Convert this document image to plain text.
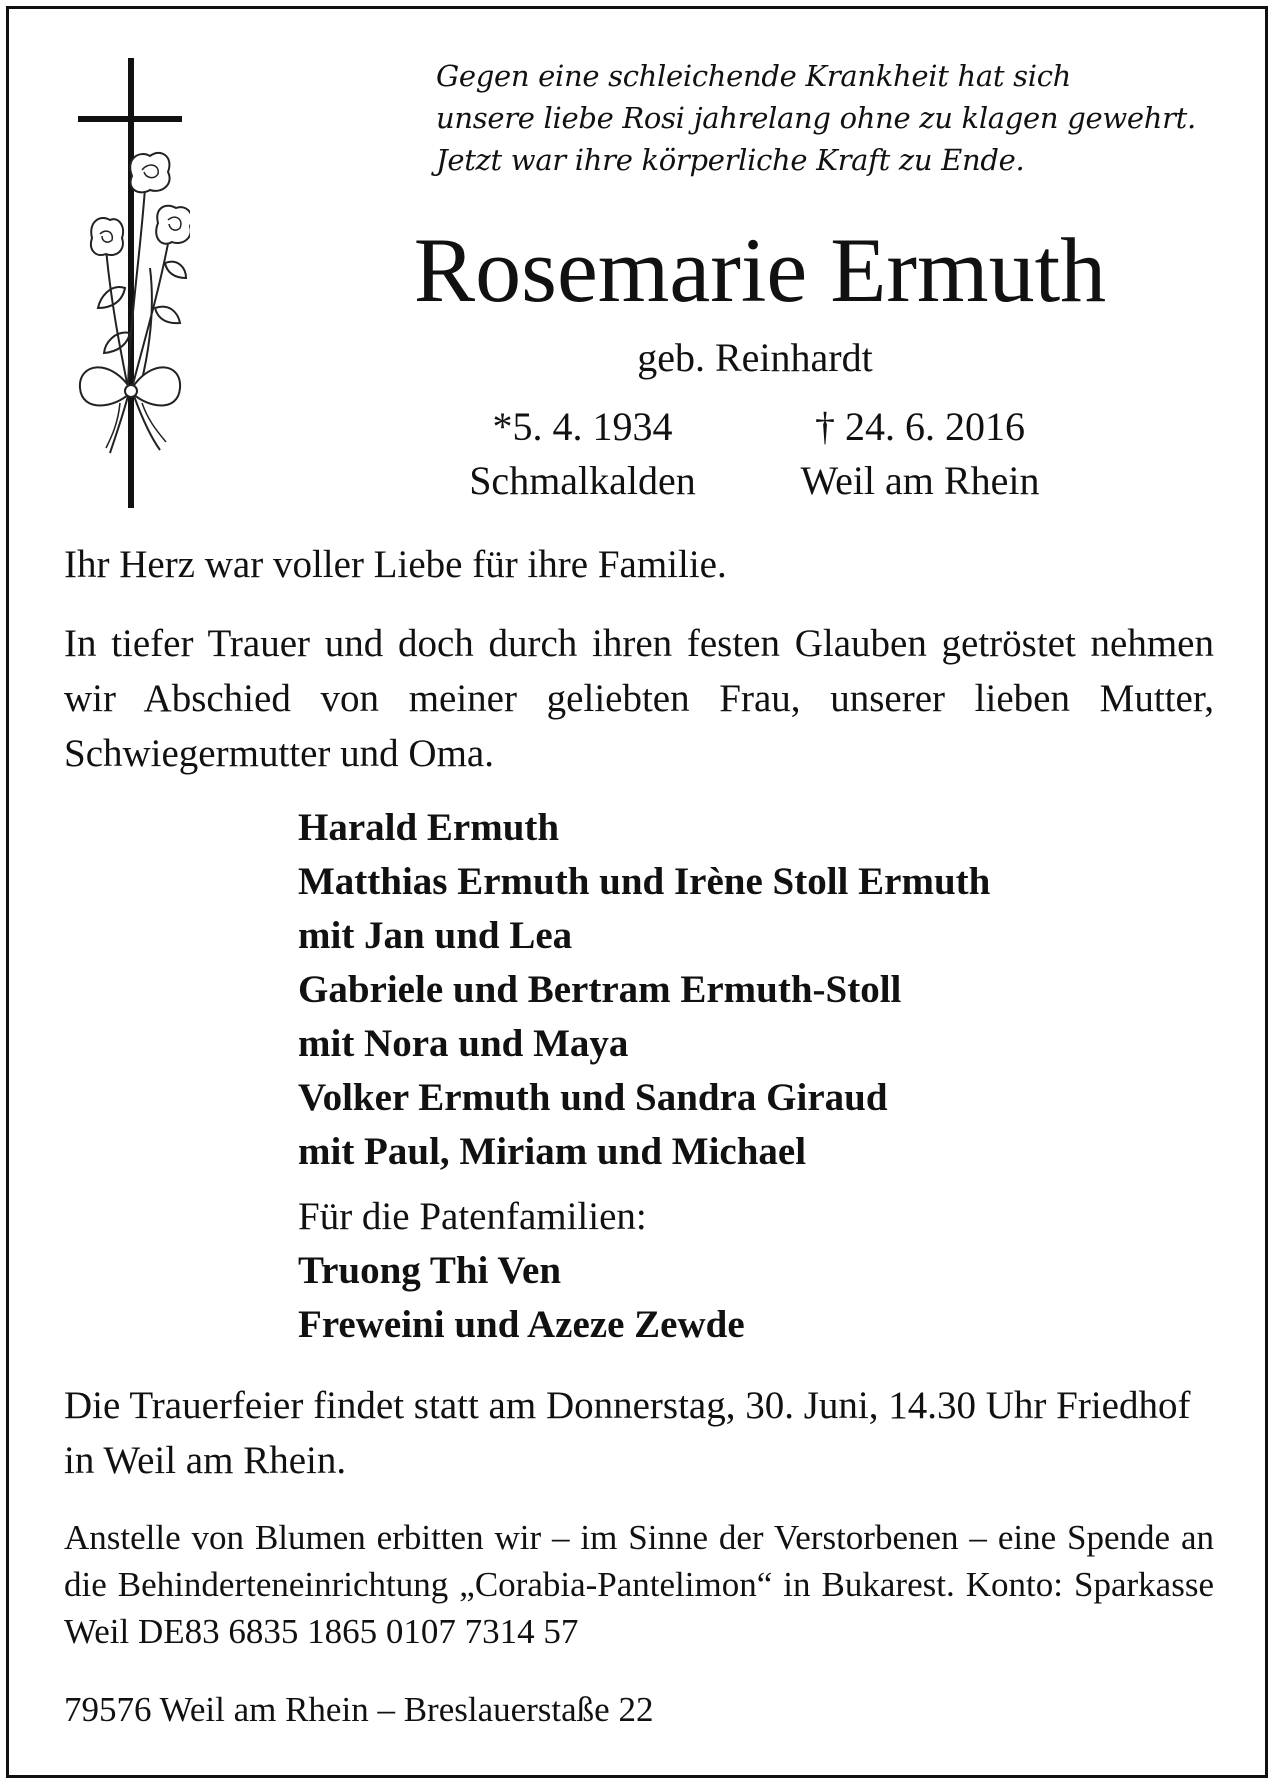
Gegen eine schleichende Krankheit hat sich
unsere liebe Rosi jahrelang ohne zu klagen gewehrt.
Jetzt war ihre körperliche Kraft zu Ende.
Rosemarie Ermuth
geb. Reinhardt
*5. 4. 1934
Schmalkalden
† 24. 6. 2016
Weil am Rhein
Ihr Herz war voller Liebe für ihre Familie.
In tiefer Trauer und doch durch ihren festen Glauben getröstet nehmen wir Abschied von meiner geliebten Frau, unserer lieben Mutter, Schwiegermutter und Oma.
Harald Ermuth
Matthias Ermuth und Irène Stoll Ermuth
mit Jan und Lea
Gabriele und Bertram Ermuth-Stoll
mit Nora und Maya
Volker Ermuth und Sandra Giraud
mit Paul, Miriam und Michael
Für die Patenfamilien:
Truong Thi Ven
Freweini und Azeze Zewde
Die Trauerfeier findet statt am Donnerstag, 30. Juni, 14.30 Uhr Friedhof in Weil am Rhein.
Anstelle von Blumen erbitten wir – im Sinne der Verstorbenen – eine Spende an die Behinderteneinrichtung „Corabia-Pantelimon“ in Bukarest. Konto: Sparkasse Weil DE83 6835 1865 0107 7314 57
79576 Weil am Rhein – Breslauerstaße 22
